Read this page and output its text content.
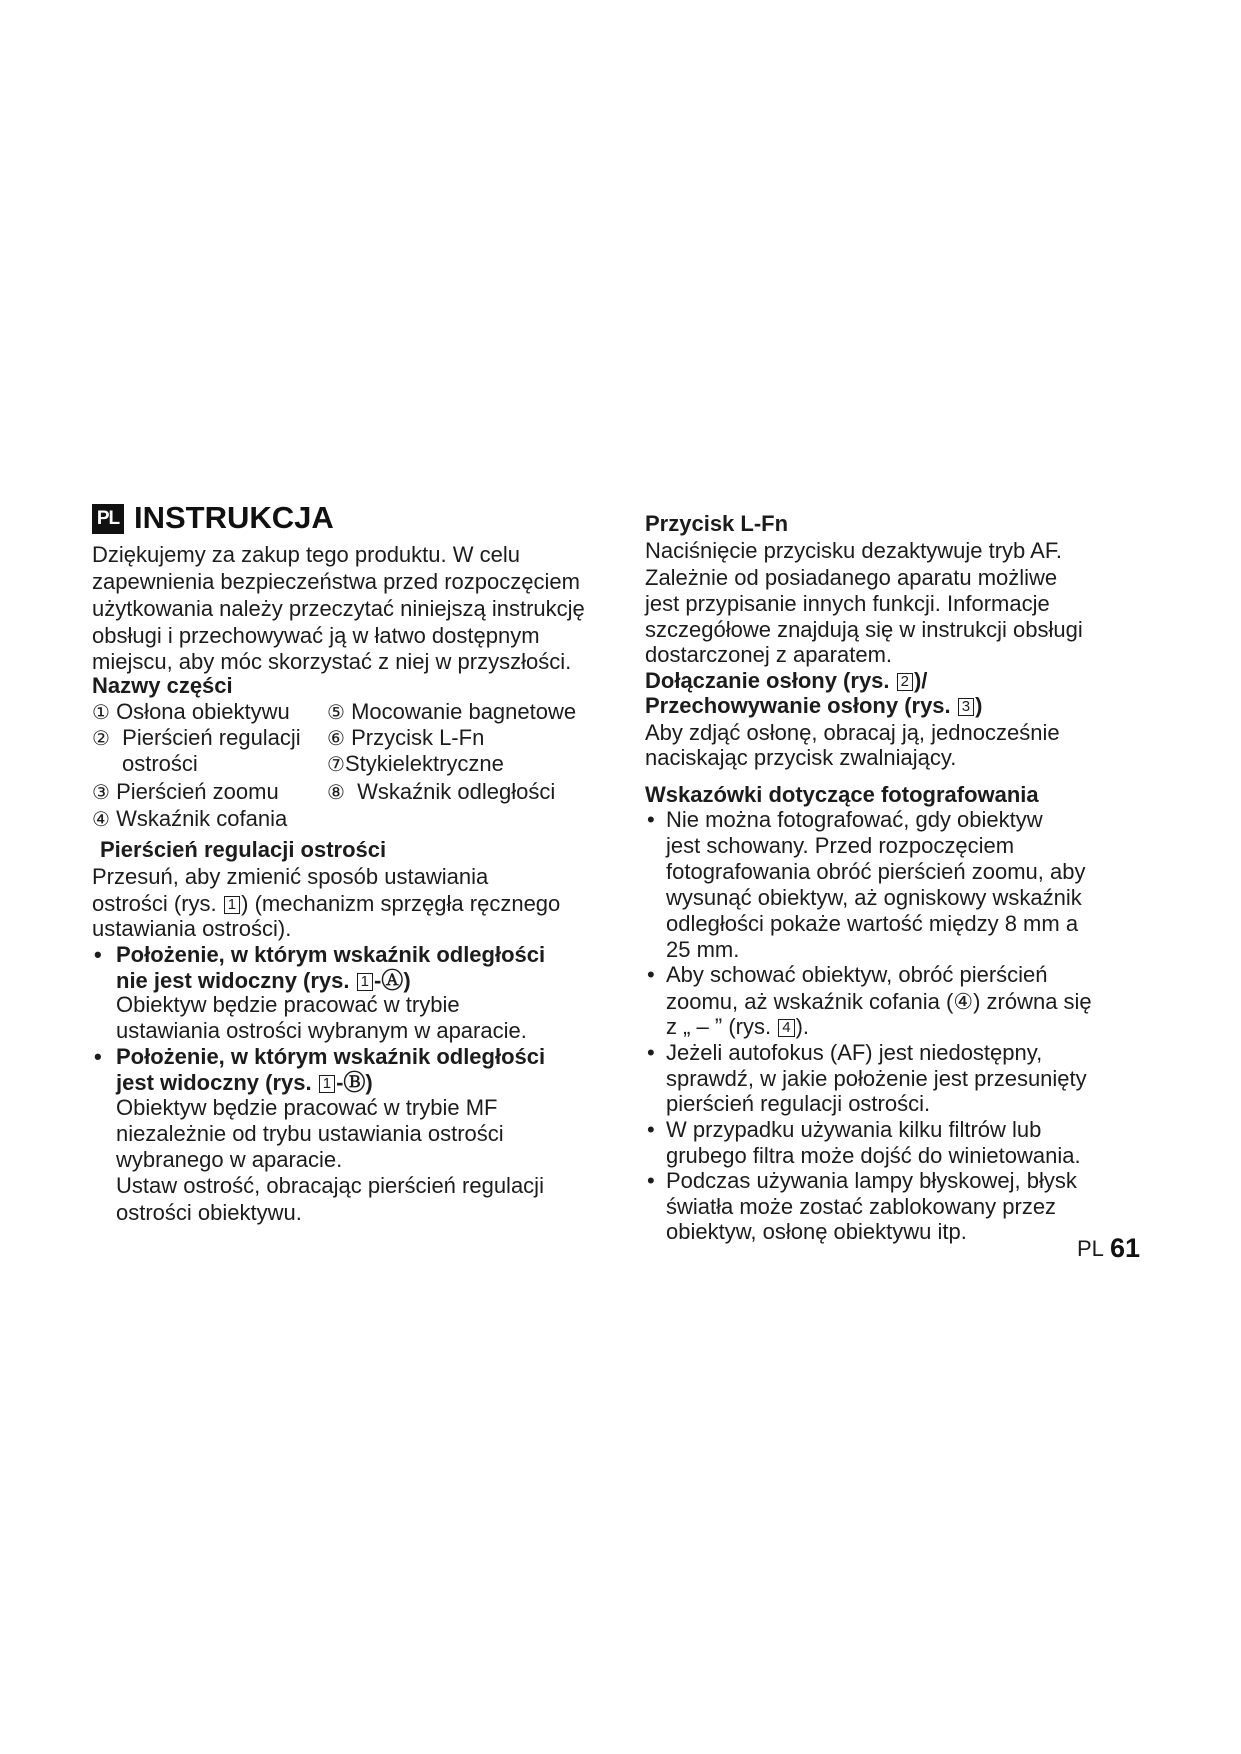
PL INSTRUKCJA
Dziękujemy za zakup tego produktu. W celu
zapewnienia bezpieczeństwa przed rozpoczęciem
użytkowania należy przeczytać niniejszą instrukcję
obsługi i przechowywać ją w łatwo dostępnym
miejscu, aby móc skorzystać z niej w przyszłości.
Nazwy części
① Osłona obiektywu
② Pierścień regulacji
ostrości
③ Pierścień zoomu
④ Wskaźnik cofania
⑤ Mocowanie bagnetowe
⑥ Przycisk L-Fn
⑦Stykielektryczne
⑧ Wskaźnik odległości
Pierścień regulacji ostrości
Przesuń, aby zmienić sposób ustawiania
ostrości (rys. 1 ) (mechanizm sprzęgła ręcznego
ustawiania ostrości).
• Położenie, w którym wskaźnik odległości
nie jest widoczny (rys. 1 -Ⓐ)
Obiektyw będzie pracować w trybie
ustawiania ostrości wybranym w aparacie.
• Położenie, w którym wskaźnik odległości
jest widoczny (rys. 1 -Ⓑ)
Obiektyw będzie pracować w trybie MF
niezależnie od trybu ustawiania ostrości
wybranego w aparacie.
Ustaw ostrość, obracając pierścień regulacji
ostrości obiektywu.
Przycisk L-Fn
Naciśnięcie przycisku dezaktywuje tryb AF.
Zależnie od posiadanego aparatu możliwe
jest przypisanie innych funkcji. Informacje
szczegółowe znajdują się w instrukcji obsługi
dostarczonej z aparatem.
Dołączanie osłony (rys. 2 )/
Przechowywanie osłony (rys. 3 )
Aby zdjąć osłonę, obracaj ją, jednocześnie
naciskając przycisk zwalniający.
Wskazówki dotyczące fotografowania
• Nie można fotografować, gdy obiektyw
jest schowany. Przed rozpoczęciem
fotografowania obróć pierścień zoomu, aby
wysunąć obiektyw, aż ogniskowy wskaźnik
odległości pokaże wartość między 8 mm a
25 mm.
• Aby schować obiektyw, obróć pierścień
zoomu, aż wskaźnik cofania (④) zrówna się
z „ – ” (rys. 4 ).
• Jeżeli autofokus (AF) jest niedostępny,
sprawdź, w jakie położenie jest przesunięty
pierścień regulacji ostrości.
• W przypadku używania kilku filtrów lub
grubego filtra może dojść do winietowania.
• Podczas używania lampy błyskowej, błysk
światła może zostać zablokowany przez
obiektyw, osłonę obiektywu itp.
PL 61
